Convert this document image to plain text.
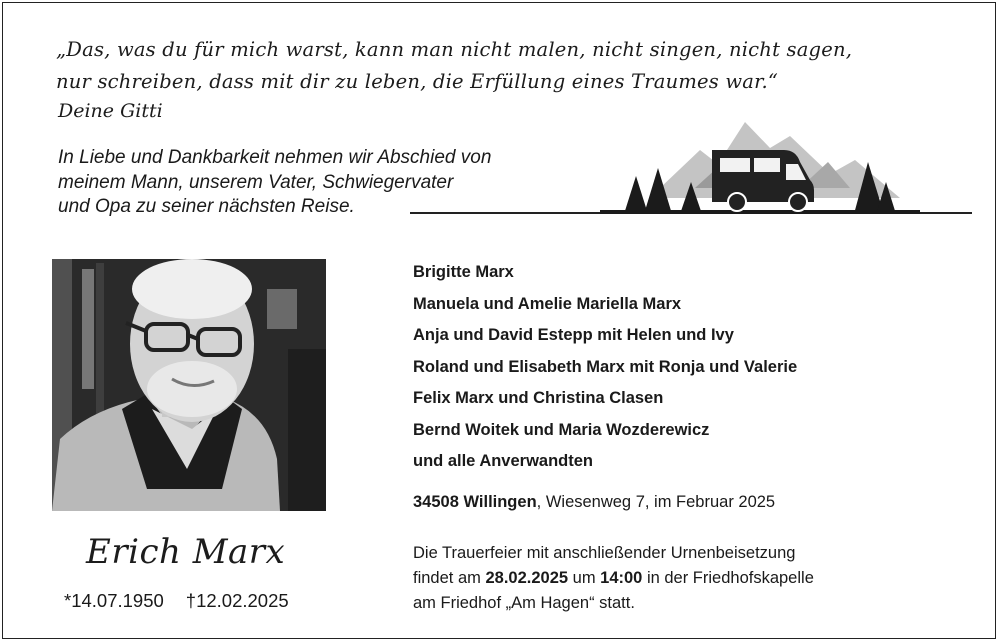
„Das, was du für mich warst, kann man nicht malen, nicht singen, nicht sagen,
nur schreiben, dass mit dir zu leben, die Erfüllung eines Traumes war.“
Deine Gitti
In Liebe und Dankbarkeit nehmen wir Abschied von
meinem Mann, unserem Vater, Schwiegervater
und Opa zu seiner nächsten Reise.
Brigitte Marx
Manuela und Amelie Mariella Marx
Anja und David Estepp mit Helen und Ivy
Roland und Elisabeth Marx mit Ronja und Valerie
Felix Marx und Christina Clasen
Bernd Woitek und Maria Wozderewicz
und alle Anverwandten
34508 Willingen, Wiesenweg 7, im Februar 2025
Die Trauerfeier mit anschließender Urnenbeisetzung
findet am 28.02.2025 um 14:00 in der Friedhofskapelle
am Friedhof „Am Hagen“ statt.
Erich Marx
*14.07.1950 †12.02.2025
